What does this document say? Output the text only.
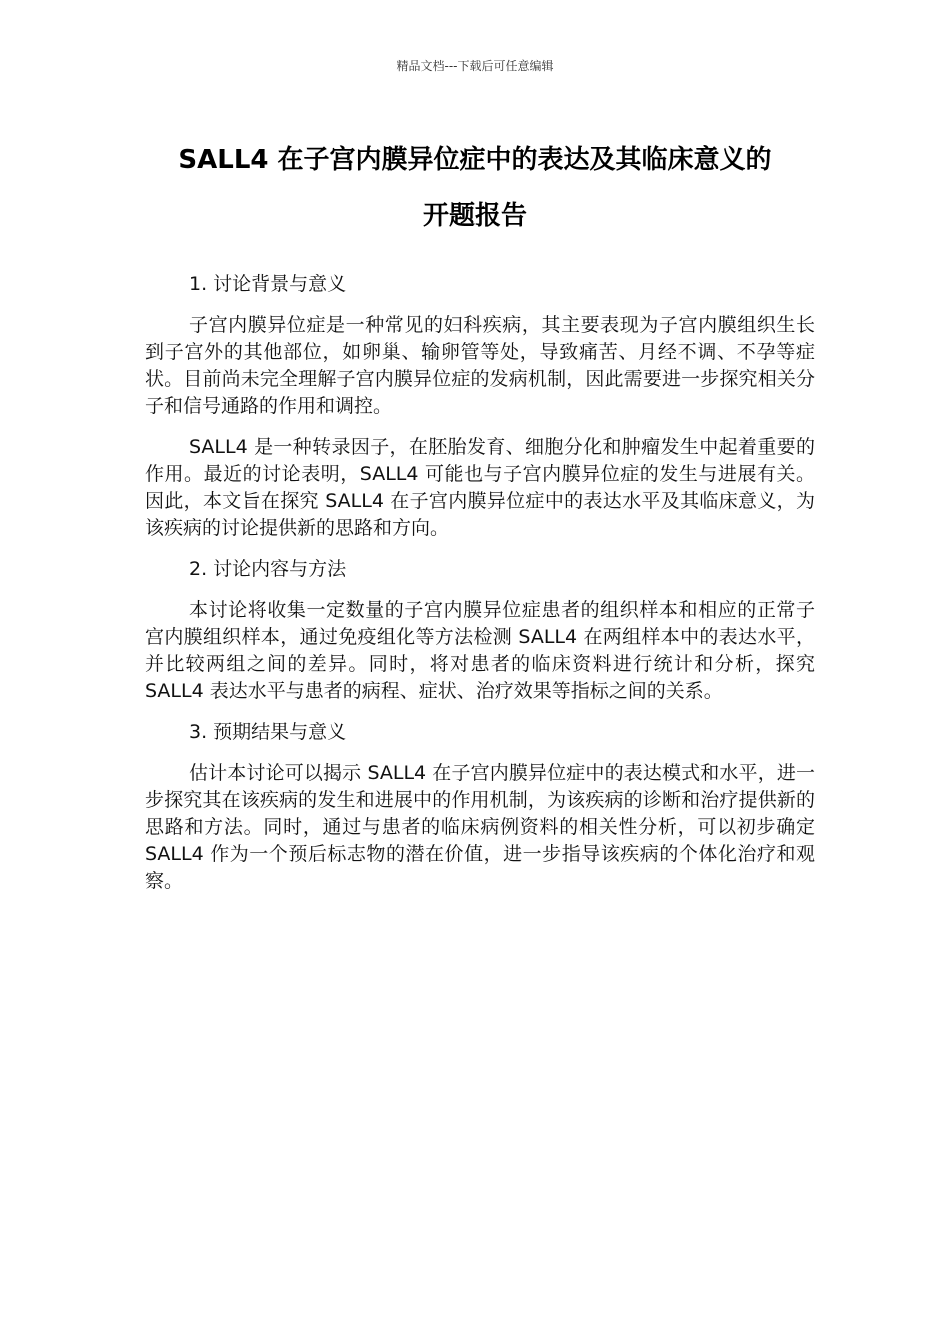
精品文档---下载后可任意编辑
SALL4 在子宫内膜异位症中的表达及其临床意义的
开题报告
1. 讨论背景与意义

子宫内膜异位症是一种常见的妇科疾病，其主要表现为子宫内膜组织生长到子宫外的其他部位，如卵巢、输卵管等处，导致痛苦、月经不调、不孕等症状。目前尚未完全理解子宫内膜异位症的发病机制，因此需要进一步探究相关分子和信号通路的作用和调控。

SALL4 是一种转录因子，在胚胎发育、细胞分化和肿瘤发生中起着重要的作用。最近的讨论表明，SALL4 可能也与子宫内膜异位症的发生与进展有关。因此，本文旨在探究 SALL4 在子宫内膜异位症中的表达水平及其临床意义，为该疾病的讨论提供新的思路和方向。

2. 讨论内容与方法

本讨论将收集一定数量的子宫内膜异位症患者的组织样本和相应的正常子宫内膜组织样本，通过免疫组化等方法检测 SALL4 在两组样本中的表达水平，并比较两组之间的差异。同时，将对患者的临床资料进行统计和分析，探究 SALL4 表达水平与患者的病程、症状、治疗效果等指标之间的关系。

3. 预期结果与意义

估计本讨论可以揭示 SALL4 在子宫内膜异位症中的表达模式和水平，进一步探究其在该疾病的发生和进展中的作用机制，为该疾病的诊断和治疗提供新的思路和方法。同时，通过与患者的临床病例资料的相关性分析，可以初步确定 SALL4 作为一个预后标志物的潜在价值，进一步指导该疾病的个体化治疗和观察。
